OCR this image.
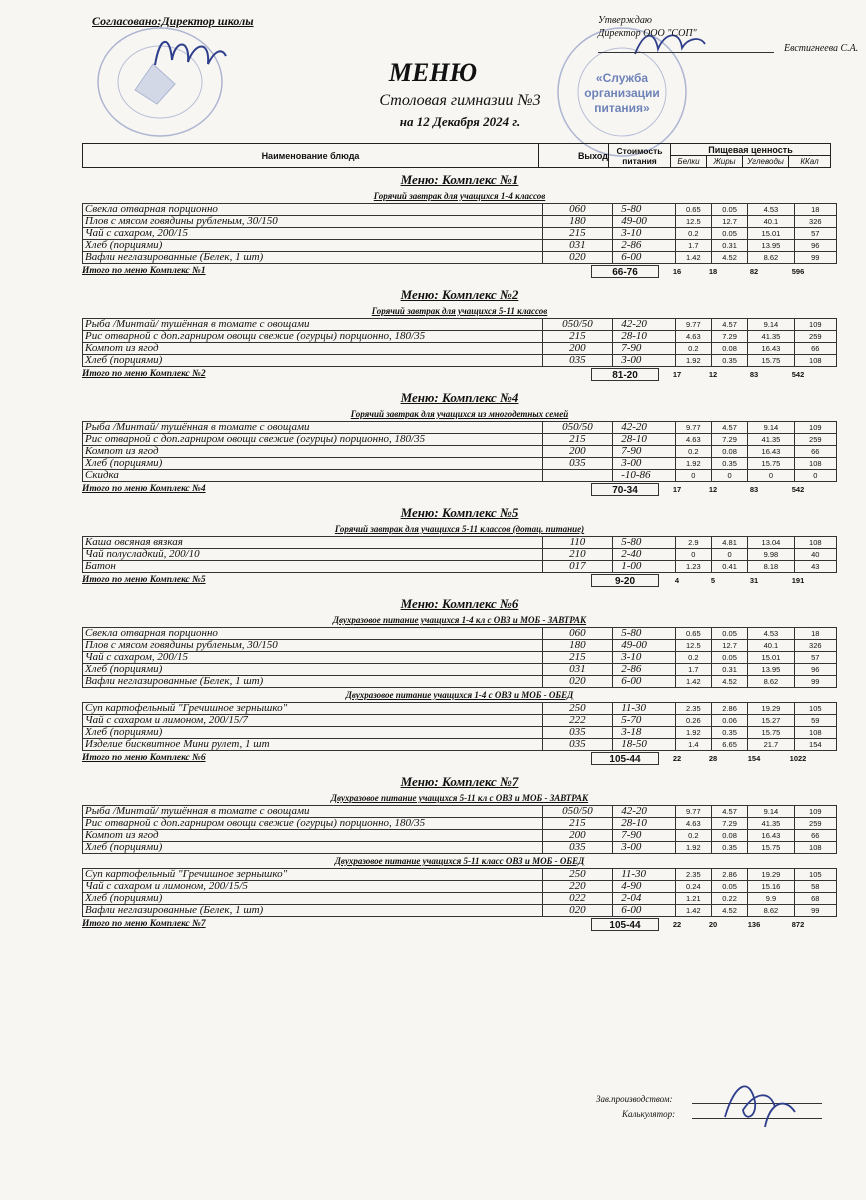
«Служба
организации
питания»
Согласовано:Директор школы	Утверждаю
Директор ООО "СОП"
Евстигнеева С.А.
МЕНЮ
Столовая гимназии №3
на 12 Декабря 2024 г.
Наименование блюда	Выход	Стоимость питания	Пищевая ценность			
			Белки	Жиры	Углеводы	ККал
Меню: Комплекс №1
Горячий завтрак для учащихся 1-4 классов
Свекла отварная порционно	060	5-80	0.65	0.05	4.53	18
Плов с мясом говядины рубленым, 30/150	180	49-00	12.5	12.7	40.1	326
Чай с сахаром, 200/15	215	3-10	0.2	0.05	15.01	57
Хлеб (порциями)	031	2-86	1.7	0.31	13.95	96
Вафли неглазированные (Белек, 1 шт)	020	6-00	1.42	4.52	8.62	99
Итого по меню Комплекс №1	66-76	16	18	82	596
Меню: Комплекс №2
Горячий завтрак для учащихся 5-11 классов
Рыба /Минтай/ тушённая в томате с овощами	050/50	42-20	9.77	4.57	9.14	109
Рис отварной с доп.гарниром овощи свежие (огурцы) порционно, 180/35	215	28-10	4.63	7.29	41.35	259
Компот из ягод	200	7-90	0.2	0.08	16.43	66
Хлеб (порциями)	035	3-00	1.92	0.35	15.75	108
Итого по меню Комплекс №2	81-20	17	12	83	542
Меню: Комплекс №4
Горячий завтрак для учащихся из многодетных семей
Рыба /Минтай/ тушённая в томате с овощами	050/50	42-20	9.77	4.57	9.14	109
Рис отварной с доп.гарниром овощи свежие (огурцы) порционно, 180/35	215	28-10	4.63	7.29	41.35	259
Компот из ягод	200	7-90	0.2	0.08	16.43	66
Хлеб (порциями)	035	3-00	1.92	0.35	15.75	108
Скидка		-10-86	0	0	0	0
Итого по меню Комплекс №4	70-34	17	12	83	542
Меню: Комплекс №5
Горячий завтрак для учащихся 5-11 классов (дотац. питание)
Каша овсяная вязкая	110	5-80	2.9	4.81	13.04	108
Чай полусладкий, 200/10	210	2-40	0	0	9.98	40
Батон	017	1-00	1.23	0.41	8.18	43
Итого по меню Комплекс №5	9-20	4	5	31	191
Меню: Комплекс №6
Двухразовое питание учащихся 1-4 кл с ОВЗ и МОБ - ЗАВТРАК
Свекла отварная порционно	060	5-80	0.65	0.05	4.53	18
Плов с мясом говядины рубленым, 30/150	180	49-00	12.5	12.7	40.1	326
Чай с сахаром, 200/15	215	3-10	0.2	0.05	15.01	57
Хлеб (порциями)	031	2-86	1.7	0.31	13.95	96
Вафли неглазированные (Белек, 1 шт)	020	6-00	1.42	4.52	8.62	99
Двухразовое питание учащихся 1-4 с ОВЗ и МОБ - ОБЕД
Суп картофельный "Гречишное зернышко"	250	11-30	2.35	2.86	19.29	105
Чай с сахаром и лимоном, 200/15/7	222	5-70	0.26	0.06	15.27	59
Хлеб (порциями)	035	3-18	1.92	0.35	15.75	108
Изделие бисквитное Мини рулет, 1 шт	035	18-50	1.4	6.65	21.7	154
Итого по меню Комплекс №6	105-44	22	28	154	1022
Меню: Комплекс №7
Двухразовое питание учащихся 5-11 кл с ОВЗ и МОБ - ЗАВТРАК
Рыба /Минтай/ тушённая в томате с овощами	050/50	42-20	9.77	4.57	9.14	109
Рис отварной с доп.гарниром овощи свежие (огурцы) порционно, 180/35	215	28-10	4.63	7.29	41.35	259
Компот из ягод	200	7-90	0.2	0.08	16.43	66
Хлеб (порциями)	035	3-00	1.92	0.35	15.75	108
Двухразовое питание учащихся 5-11 класс ОВЗ и МОБ - ОБЕД
Суп картофельный "Гречишное зернышко"	250	11-30	2.35	2.86	19.29	105
Чай с сахаром и лимоном, 200/15/5	220	4-90	0.24	0.05	15.16	58
Хлеб (порциями)	022	2-04	1.21	0.22	9.9	68
Вафли неглазированные (Белек, 1 шт)	020	6-00	1.42	4.52	8.62	99
Итого по меню Комплекс №7	105-44	22	20	136	872
Зав.производством:
Калькулятор:
